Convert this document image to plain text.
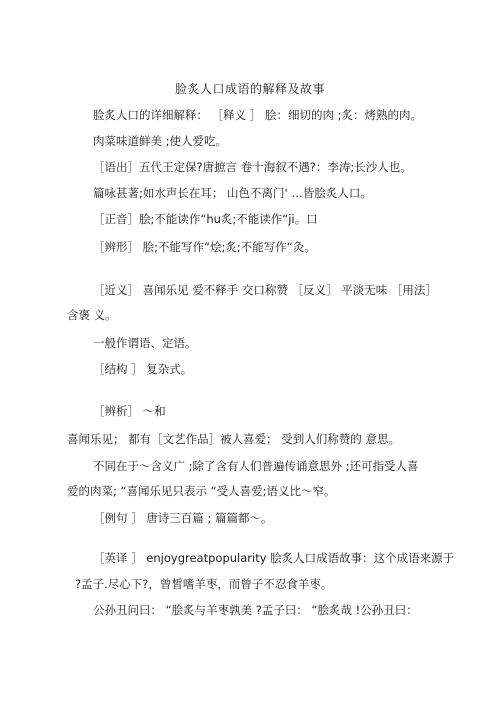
脸炙人口成语的解释及故事
脸炙人口的详细解释： ［释义 ］ 脍：细切的肉 ;炙：烤熟的肉。
肉菜味道鲜美 ;使人爱吃。
［语出］五代王定保?唐摭言 卷十海叙不遇?：李涛;长沙人也。
篇咏甚著;如水声长在耳； 山色不离门' …皆脍炙人口。
［正音］脍;不能读作“hu炙;不能读作“ji。口
［辨形］ 脍;不能写作“烩;炙;不能写作“灸。
［近义］ 喜闻乐见 爱不释手 交口称赞 ［反义］ 平淡无味 ［用法］
含褒 义。
一般作谓语、定语。
［结构 ］ 复杂式。
［辨析］ ～和
喜闻乐见； 都有［文艺作品］被人喜爱； 受到人们称赞的 意思。
不同在于～含义广 ;除了含有人们普遍传诵意思外 ;还可指受人喜
爱的肉菜; “喜闻乐见只表示 “受人喜爱;语义比～窄。
［例句 ］ 唐诗三百篇 ; 篇篇都～。
［英译 ］ enjoygreatpopularity 脍炙人口成语故事：这个成语来源于
?孟子.尽心下?，曾皙嗜羊枣，而曾子不忍食羊枣。
公孙丑问曰： “脍炙与羊枣孰美 ?孟子曰： “脍炙哉 !公孙丑曰：
